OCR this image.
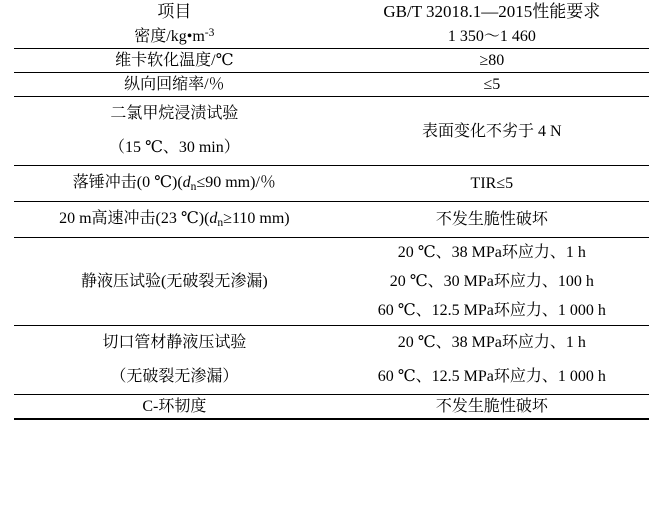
项目	GB/T 32018.1—2015性能要求
密度$/kg•m^{-3}$	1 350～1 460
维卡软化温度/℃	≥80
纵向回缩率/％	≤5

二氯甲烷浸渍试验
（15 ℃、30 min）	表面变化不劣于 4 N
落锤冲击(0 $℃)(d_n\le 90$ mm)/％	TIR≤5
20 m高速冲击(23 $℃)(d_n\ge 110$ mm)	不发生脆性破坏
静液压试验(无破裂无渗漏)	20 ℃、38 MPa环应力、1 h
20 ℃、30 MPa环应力、100 h
60 ℃、12.5 MPa环应力、1 000 h

切口管材静液压试验
（无破裂无渗漏）	20 ℃、38 MPa环应力、1 h
60 ℃、12.5 MPa环应力、1 000 h

C-环韧度	不发生脆性破坏
